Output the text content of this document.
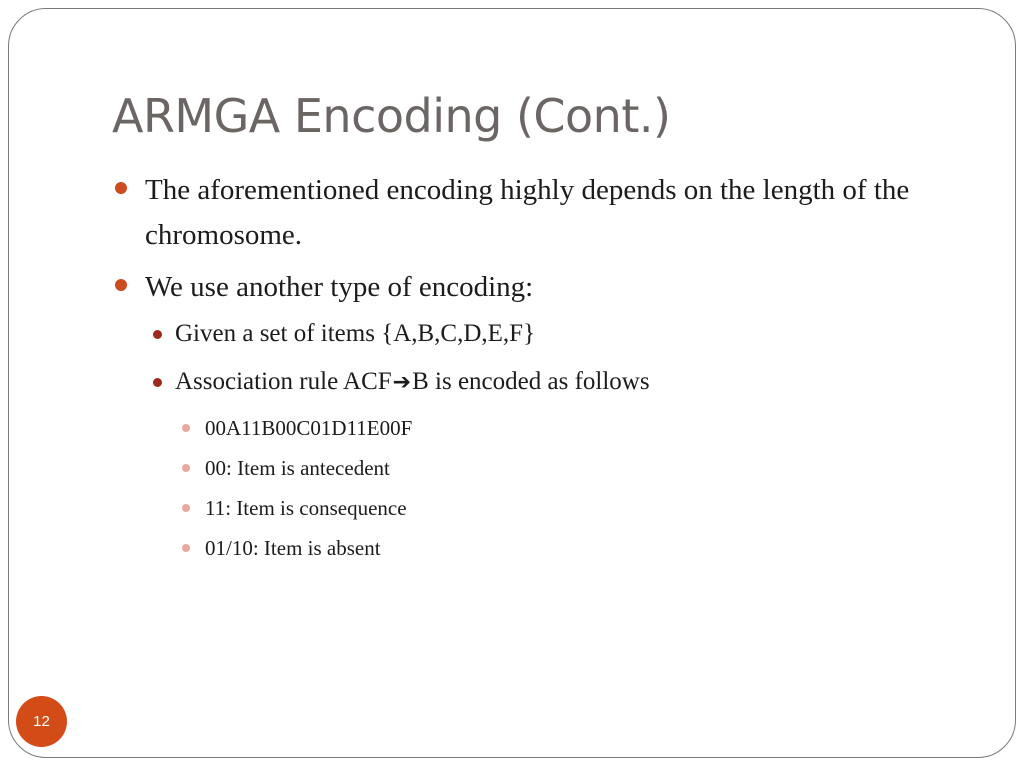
ARMGA Encoding (Cont.)
The aforementioned encoding highly depends on the length of the chromosome.
We use another type of encoding:
Given a set of items {A,B,C,D,E,F}
Association rule ACF➔B is encoded as follows
00A11B00C01D11E00F
00: Item is antecedent
11: Item is consequence
01/10: Item is absent
12
